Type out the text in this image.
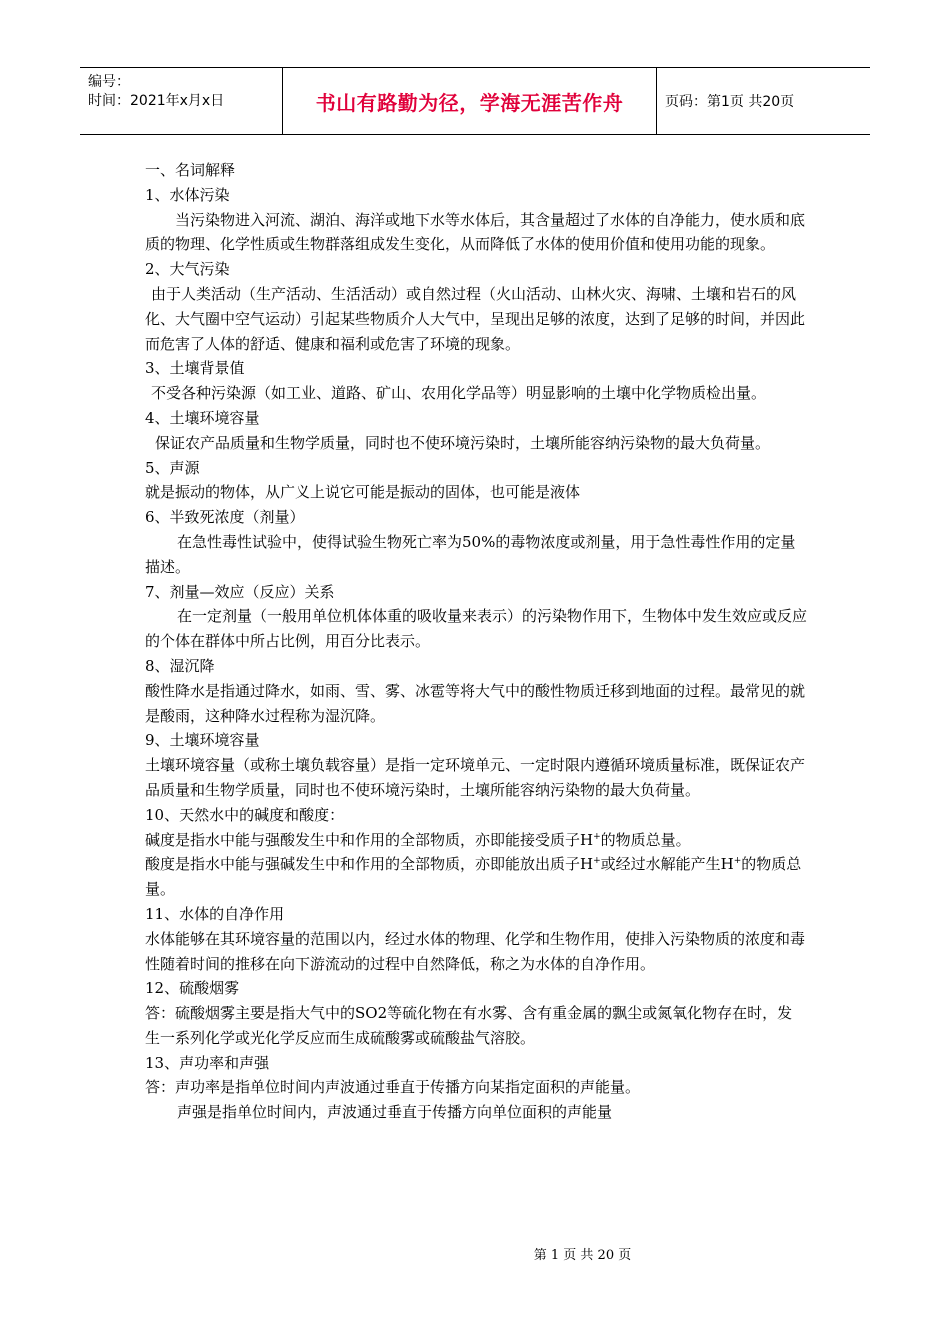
编号：
时间：2021年x月x日	书山有路勤为径，学海无涯苦作舟	页码：第1页 共20页

一、名词解释

1、水体污染

当污染物进入河流、湖泊、海洋或地下水等水体后，其含量超过了水体的自净能力，使水质和底质的物理、化学性质或生物群落组成发生变化，从而降低了水体的使用价值和使用功能的现象。

2、大气污染

由于人类活动（生产活动、生活活动）或自然过程（火山活动、山林火灾、海啸、土壤和岩石的风化、大气圈中空气运动）引起某些物质介人大气中，呈现出足够的浓度，达到了足够的时间，并因此而危害了人体的舒适、健康和福利或危害了环境的现象。

3、土壤背景值

不受各种污染源（如工业、道路、矿山、农用化学品等）明显影响的土壤中化学物质检出量。

4、土壤环境容量

保证农产品质量和生物学质量，同时也不使环境污染时，土壤所能容纳污染物的最大负荷量。

5、声源

就是振动的物体，从广义上说它可能是振动的固体，也可能是液体

6、半致死浓度（剂量）

在急性毒性试验中，使得试验生物死亡率为50%的毒物浓度或剂量，用于急性毒性作用的定量描述。

7、剂量—效应（反应）关系

在一定剂量（一般用单位机体体重的吸收量来表示）的污染物作用下，生物体中发生效应或反应的个体在群体中所占比例，用百分比表示。

8、湿沉降

酸性降水是指通过降水，如雨、雪、雾、冰雹等将大气中的酸性物质迁移到地面的过程。最常见的就是酸雨，这种降水过程称为湿沉降。

9、土壤环境容量

土壤环境容量（或称土壤负载容量）是指一定环境单元、一定时限内遵循环境质量标准，既保证农产品质量和生物学质量，同时也不使环境污染时，土壤所能容纳污染物的最大负荷量。

10、天然水中的碱度和酸度：

碱度是指水中能与强酸发生中和作用的全部物质，亦即能接受质子H+的物质总量。

酸度是指水中能与强碱发生中和作用的全部物质，亦即能放出质子H+或经过水解能产生H+的物质总量。

11、水体的自净作用

水体能够在其环境容量的范围以内，经过水体的物理、化学和生物作用，使排入污染物质的浓度和毒性随着时间的推移在向下游流动的过程中自然降低，称之为水体的自净作用。

12、硫酸烟雾

答：硫酸烟雾主要是指大气中的SO2等硫化物在有水雾、含有重金属的飘尘或氮氧化物存在时，发生一系列化学或光化学反应而生成硫酸雾或硫酸盐气溶胶。

13、声功率和声强

答：声功率是指单位时间内声波通过垂直于传播方向某指定面积的声能量。

声强是指单位时间内，声波通过垂直于传播方向单位面积的声能量

第 1 页 共 20 页
